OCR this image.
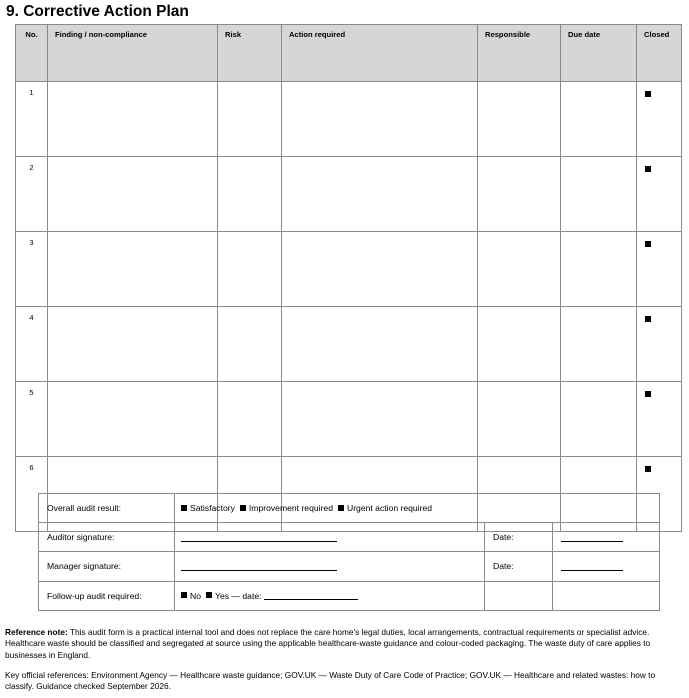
9. Corrective Action Plan
No.	Finding / non-compliance	Risk	Action required	Responsible	Due date	Closed
1						
2						
3						
4						
5						
6						
Overall audit result:	Satisfactory Improvement required Urgent action required		
Auditor signature:		Date:	
Manager signature:		Date:	
Follow-up audit required:	No Yes — date:		

Reference note: This audit form is a practical internal tool and does not replace the care home's legal duties, local arrangements, contractual requirements or specialist advice. Healthcare waste should be classified and segregated at source using the applicable healthcare-waste guidance and colour-coded packaging. The waste duty of care applies to businesses in England.

Key official references: Environment Agency — Healthcare waste guidance; GOV.UK — Waste Duty of Care Code of Practice; GOV.UK — Healthcare and related wastes: how to classify. Guidance checked September 2026.
